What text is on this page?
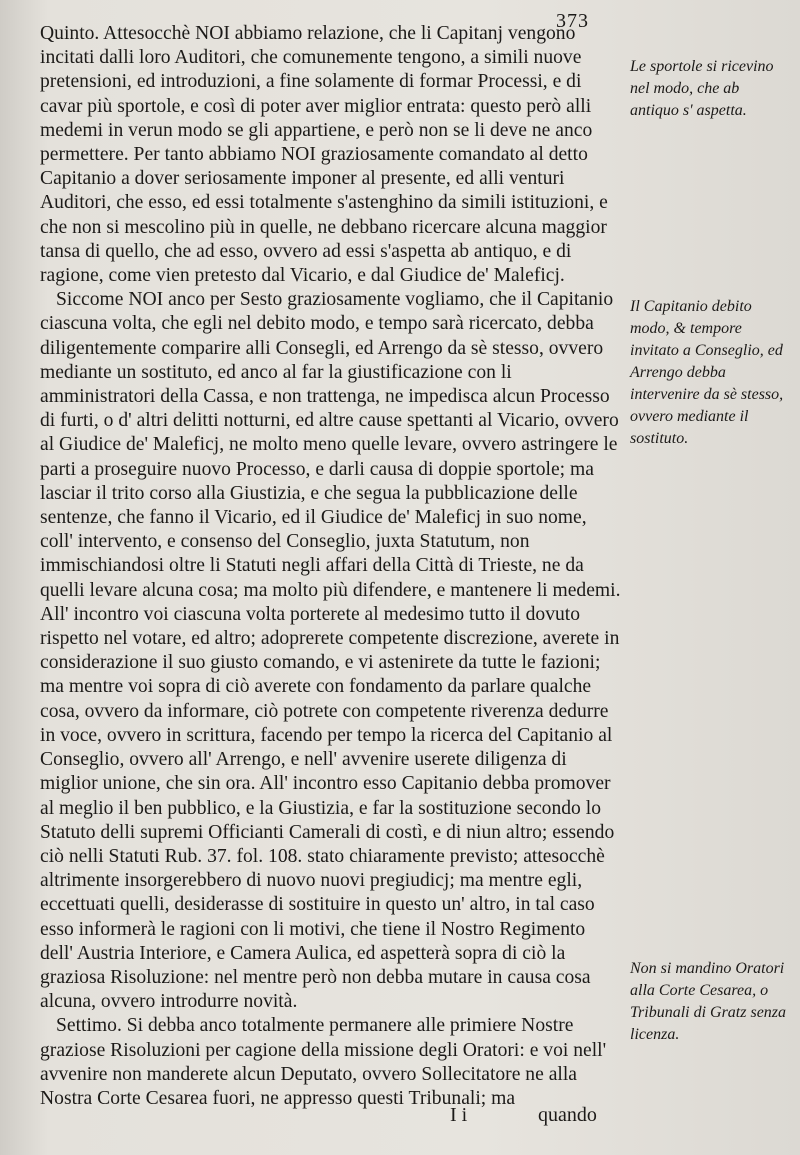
373

Quinto. Attesocchè NOI abbiamo relazione, che li Capitanj vengono incitati dalli loro Auditori, che comunemente tengono, a simili nuove pretensioni, ed introduzioni, a fine solamente di formar Processi, e di cavar più sportole, e così di poter aver miglior entrata: questo però alli medemi in verun modo se gli appartiene, e però non se li deve ne anco permettere. Per tanto abbiamo NOI graziosamente comandato al detto Capitanio a dover seriosamente imponer al presente, ed alli venturi Auditori, che esso, ed essi totalmente s'astenghino da simili istituzioni, e che non si mescolino più in quelle, ne debbano ricercare alcuna maggior tansa di quello, che ad esso, ovvero ad essi s'aspetta ab antiquo, e di ragione, come vien pretesto dal Vicario, e dal Giudice de' Maleficj.

Siccome NOI anco per Sesto graziosamente vogliamo, che il Capitanio ciascuna volta, che egli nel debito modo, e tempo sarà ricercato, debba diligentemente comparire alli Consegli, ed Arrengo da sè stesso, ovvero mediante un sostituto, ed anco al far la giustificazione con li amministratori della Cassa, e non trattenga, ne impedisca alcun Processo di furti, o d' altri delitti notturni, ed altre cause spettanti al Vicario, ovvero al Giudice de' Maleficj, ne molto meno quelle levare, ovvero astringere le parti a proseguire nuovo Processo, e darli causa di doppie sportole; ma lasciar il trito corso alla Giustizia, e che segua la pubblicazione delle sentenze, che fanno il Vicario, ed il Giudice de' Maleficj in suo nome, coll' intervento, e consenso del Conseglio, juxta Statutum, non immischiandosi oltre li Statuti negli affari della Città di Trieste, ne da quelli levare alcuna cosa; ma molto più difendere, e mantenere li medemi. All' incontro voi ciascuna volta porterete al medesimo tutto il dovuto rispetto nel votare, ed altro; adoprerete competente discrezione, averete in considerazione il suo giusto comando, e vi astenirete da tutte le fazioni; ma mentre voi sopra di ciò averete con fondamento da parlare qualche cosa, ovvero da informare, ciò potrete con competente riverenza dedurre in voce, ovvero in scrittura, facendo per tempo la ricerca del Capitanio al Conseglio, ovvero all' Arrengo, e nell' avvenire userete diligenza di miglior unione, che sin ora. All' incontro esso Capitanio debba promover al meglio il ben pubblico, e la Giustizia, e far la sostituzione secondo lo Statuto delli supremi Officianti Camerali di costì, e di niun altro; essendo ciò nelli Statuti Rub. 37. fol. 108. stato chiaramente previsto; attesocchè altrimente insorgerebbero di nuovo nuovi pregiudicj; ma mentre egli, eccettuati quelli, desiderasse di sostituire in questo un' altro, in tal caso esso informerà le ragioni con li motivi, che tiene il Nostro Regimento dell' Austria Interiore, e Camera Aulica, ed aspetterà sopra di ciò la graziosa Risoluzione: nel mentre però non debba mutare in causa cosa alcuna, ovvero introdurre novità.

Settimo. Si debba anco totalmente permanere alle primiere Nostre graziose Risoluzioni per cagione della missione degli Oratori: e voi nell' avvenire non manderete alcun Deputato, ovvero Sollecitatore ne alla Nostra Corte Cesarea fuori, ne appresso questi Tribunali; ma

Le sportole si ricevino nel modo, che ab antiquo s' aspetta.
Il Capitanio debito modo, & tempore invitato a Conseglio, ed Arrengo debba intervenire da sè stesso, ovvero mediante il sostituto.
Non si mandino Oratori alla Corte Cesarea, o Tribunali di Gratz senza licenza.
I i	quando
